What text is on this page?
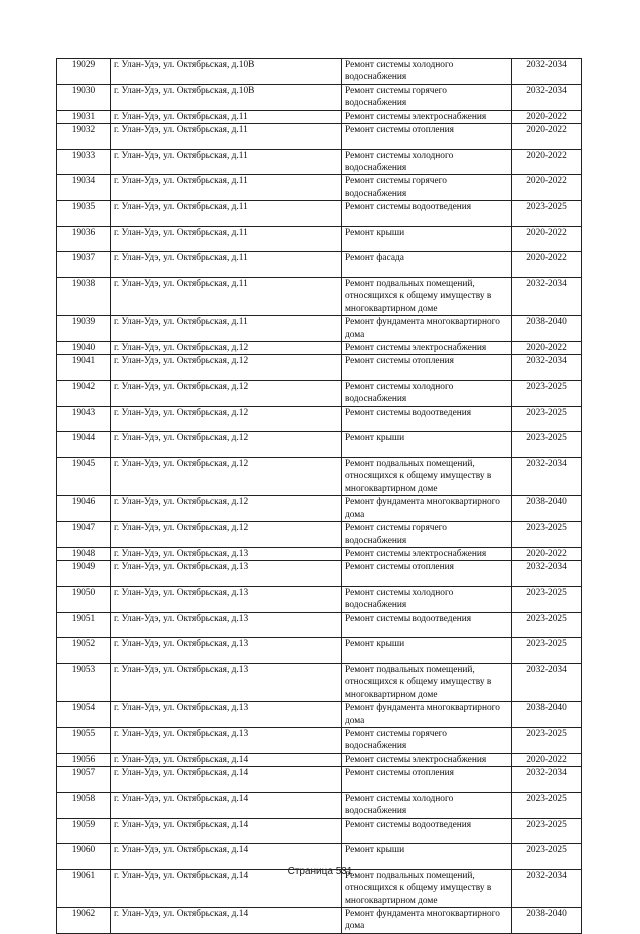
19029	г. Улан-Удэ, ул. Октябрьская, д.10В	Ремонт системы холодного водоснабжения	2032-2034
19030	г. Улан-Удэ, ул. Октябрьская, д.10В	Ремонт системы горячего водоснабжения	2032-2034
19031	г. Улан-Удэ, ул. Октябрьская, д.11	Ремонт системы электроснабжения	2020-2022
19032	г. Улан-Удэ, ул. Октябрьская, д.11	Ремонт системы отопления	2020-2022
19033	г. Улан-Удэ, ул. Октябрьская, д.11	Ремонт системы холодного водоснабжения	2020-2022
19034	г. Улан-Удэ, ул. Октябрьская, д.11	Ремонт системы горячего водоснабжения	2020-2022
19035	г. Улан-Удэ, ул. Октябрьская, д.11	Ремонт системы водоотведения	2023-2025
19036	г. Улан-Удэ, ул. Октябрьская, д.11	Ремонт крыши	2020-2022
19037	г. Улан-Удэ, ул. Октябрьская, д.11	Ремонт фасада	2020-2022
19038	г. Улан-Удэ, ул. Октябрьская, д.11	Ремонт подвальных помещений, относящихся к общему имуществу в многоквартирном доме	2032-2034
19039	г. Улан-Удэ, ул. Октябрьская, д.11	Ремонт фундамента многоквартирного дома	2038-2040
19040	г. Улан-Удэ, ул. Октябрьская, д.12	Ремонт системы электроснабжения	2020-2022
19041	г. Улан-Удэ, ул. Октябрьская, д.12	Ремонт системы отопления	2032-2034
19042	г. Улан-Удэ, ул. Октябрьская, д.12	Ремонт системы холодного водоснабжения	2023-2025
19043	г. Улан-Удэ, ул. Октябрьская, д.12	Ремонт системы водоотведения	2023-2025
19044	г. Улан-Удэ, ул. Октябрьская, д.12	Ремонт крыши	2023-2025
19045	г. Улан-Удэ, ул. Октябрьская, д.12	Ремонт подвальных помещений, относящихся к общему имуществу в многоквартирном доме	2032-2034
19046	г. Улан-Удэ, ул. Октябрьская, д.12	Ремонт фундамента многоквартирного дома	2038-2040
19047	г. Улан-Удэ, ул. Октябрьская, д.12	Ремонт системы горячего водоснабжения	2023-2025
19048	г. Улан-Удэ, ул. Октябрьская, д.13	Ремонт системы электроснабжения	2020-2022
19049	г. Улан-Удэ, ул. Октябрьская, д.13	Ремонт системы отопления	2032-2034
19050	г. Улан-Удэ, ул. Октябрьская, д.13	Ремонт системы холодного водоснабжения	2023-2025
19051	г. Улан-Удэ, ул. Октябрьская, д.13	Ремонт системы водоотведения	2023-2025
19052	г. Улан-Удэ, ул. Октябрьская, д.13	Ремонт крыши	2023-2025
19053	г. Улан-Удэ, ул. Октябрьская, д.13	Ремонт подвальных помещений, относящихся к общему имуществу в многоквартирном доме	2032-2034
19054	г. Улан-Удэ, ул. Октябрьская, д.13	Ремонт фундамента многоквартирного дома	2038-2040
19055	г. Улан-Удэ, ул. Октябрьская, д.13	Ремонт системы горячего водоснабжения	2023-2025
19056	г. Улан-Удэ, ул. Октябрьская, д.14	Ремонт системы электроснабжения	2020-2022
19057	г. Улан-Удэ, ул. Октябрьская, д.14	Ремонт системы отопления	2032-2034
19058	г. Улан-Удэ, ул. Октябрьская, д.14	Ремонт системы холодного водоснабжения	2023-2025
19059	г. Улан-Удэ, ул. Октябрьская, д.14	Ремонт системы водоотведения	2023-2025
19060	г. Улан-Удэ, ул. Октябрьская, д.14	Ремонт крыши	2023-2025
19061	г. Улан-Удэ, ул. Октябрьская, д.14	Ремонт подвальных помещений, относящихся к общему имуществу в многоквартирном доме	2032-2034
19062	г. Улан-Удэ, ул. Октябрьская, д.14	Ремонт фундамента многоквартирного дома	2038-2040
Страница 531
